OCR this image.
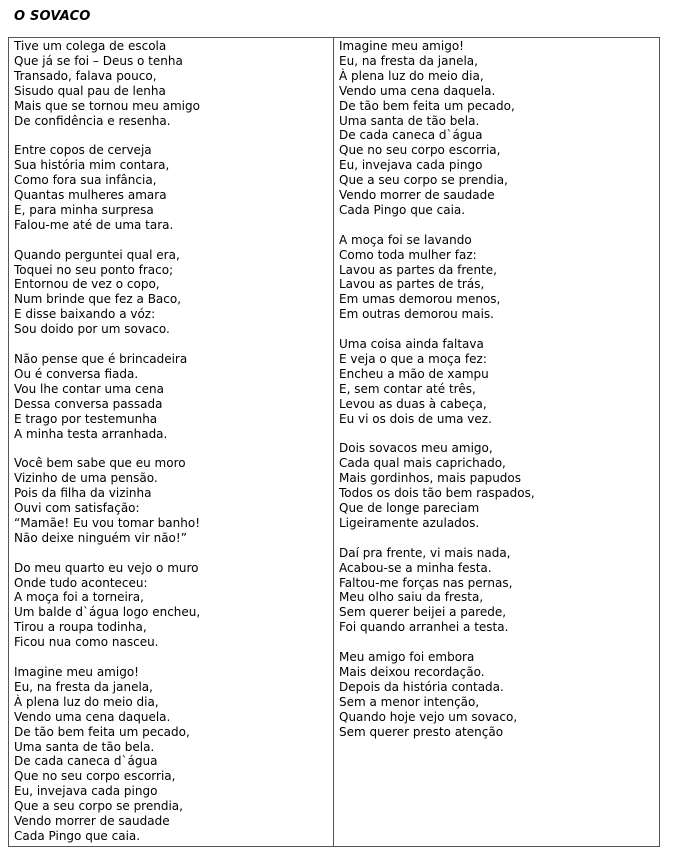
O SOVACO
Tive um colega de escola
Que já se foi – Deus o tenha
Transado, falava pouco,
Sisudo qual pau de lenha
Mais que se tornou meu amigo
De confidência e resenha.
Entre copos de cerveja
Sua história mim contara,
Como fora sua infância,
Quantas mulheres amara
E, para minha surpresa
Falou-me até de uma tara.
Quando perguntei qual era,
Toquei no seu ponto fraco;
Entornou de vez o copo,
Num brinde que fez a Baco,
E disse baixando a vóz:
Sou doido por um sovaco.
Não pense que é brincadeira
Ou é conversa fiada.
Vou lhe contar uma cena
Dessa conversa passada
E trago por testemunha
A minha testa arranhada.
Você bem sabe que eu moro
Vizinho de uma pensão.
Pois da filha da vizinha
Ouvi com satisfação:
“Mamãe! Eu vou tomar banho!
Não deixe ninguém vir não!”
Do meu quarto eu vejo o muro
Onde tudo aconteceu:
A moça foi a torneira,
Um balde d`água logo encheu,
Tirou a roupa todinha,
Ficou nua como nasceu.
Imagine meu amigo!
Eu, na fresta da janela,
À plena luz do meio dia,
Vendo uma cena daquela.
De tão bem feita um pecado,
Uma santa de tão bela.
De cada caneca d`água
Que no seu corpo escorria,
Eu, invejava cada pingo
Que a seu corpo se prendia,
Vendo morrer de saudade
Cada Pingo que caia.
Imagine meu amigo!
Eu, na fresta da janela,
À plena luz do meio dia,
Vendo uma cena daquela.
De tão bem feita um pecado,
Uma santa de tão bela.
De cada caneca d`água
Que no seu corpo escorria,
Eu, invejava cada pingo
Que a seu corpo se prendia,
Vendo morrer de saudade
Cada Pingo que caia.
A moça foi se lavando
Como toda mulher faz:
Lavou as partes da frente,
Lavou as partes de trás,
Em umas demorou menos,
Em outras demorou mais.
Uma coisa ainda faltava
E veja o que a moça fez:
Encheu a mão de xampu
E, sem contar até três,
Levou as duas à cabeça,
Eu vi os dois de uma vez.
Dois sovacos meu amigo,
Cada qual mais caprichado,
Mais gordinhos, mais papudos
Todos os dois tão bem raspados,
Que de longe pareciam
Ligeiramente azulados.
Daí pra frente, vi mais nada,
Acabou-se a minha festa.
Faltou-me forças nas pernas,
Meu olho saiu da fresta,
Sem querer beijei a parede,
Foi quando arranhei a testa.
Meu amigo foi embora
Mais deixou recordação.
Depois da história contada.
Sem a menor intenção,
Quando hoje vejo um sovaco,
Sem querer presto atenção
